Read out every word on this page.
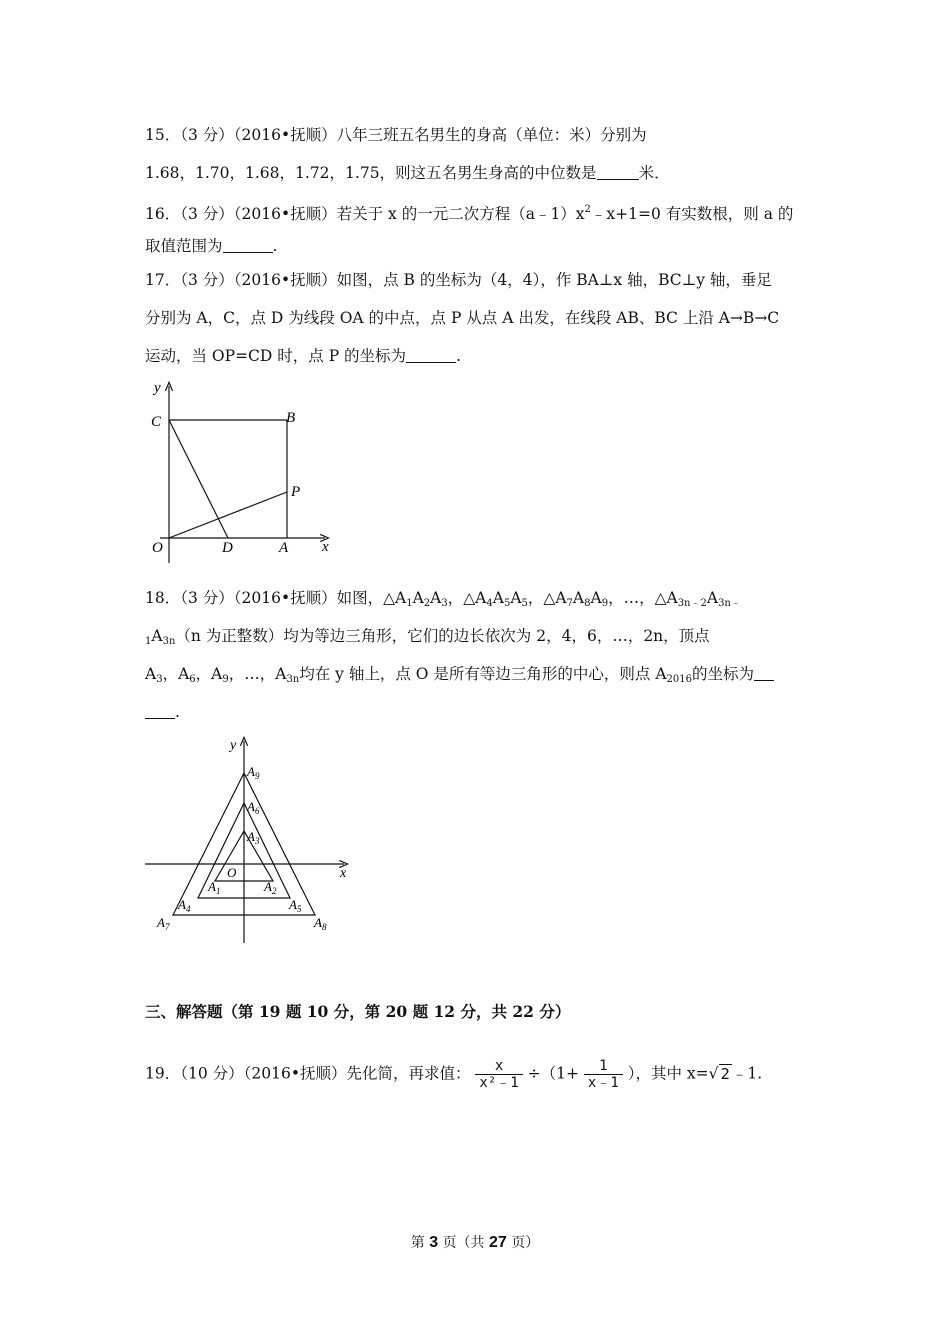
15．（3 分）（2016•抚顺）八年三班五名男生的身高（单位：米）分别为
1.68，1.70，1.68，1.72，1.75，则这五名男生身高的中位数是	米．
16．（3 分）（2016•抚顺）若关于 x 的一元二次方程$(a﹣1)x^2﹣x+1=0$ 有实数根，则 a 的
取值范围为	.
17．（3 分）（2016•抚顺）如图，点 B 的坐标为（4，4），作 BA⊥x 轴，BC⊥y 轴，垂足
分别为 A，C，点 D 为线段 OA 的中点，点 P 从点 A 出发，在线段 AB、BC 上沿 A→B→C
运动，当 OP=CD 时，点 P 的坐标为	.
y
C	B
P
O	D	A x
18．（3 分）（2016•抚顺）如图，$\triangle A_1A_2A_3$，$\triangle A_4A_5A_5$，$\triangle A_7A_8A_9$，…，$\triangle A_{3n﹣2}A_{3n﹣}$
$_1A_{3n}(n$ 为正整数）均为等边三角形，它们的边长依次为 2，4，6，…，2n，顶点
$A_3$，$A_6$，$A_9$，…，$A_{3n}$均在 y 轴上，点 O 是所有等边三角形的中心，则点 $A_{2016}$的坐标为
.
y
x
$A_9$
$A_6$
$A_3$
O
$A_1$	$A_2$
$A_4$	$A_5$
$A_7$	$A_8$
三、解答题（第 19 题 10 分，第 20 题 12 分，共 22 分）
19．（10 分）（2016•抚顺）先化简，再求值： $\frac{x}{\text{x²﹣1}} \div(1+ \frac{1}{x﹣1}$ ），其中 x=√ 2 ﹣1.
第 3 页（共 27 页）
